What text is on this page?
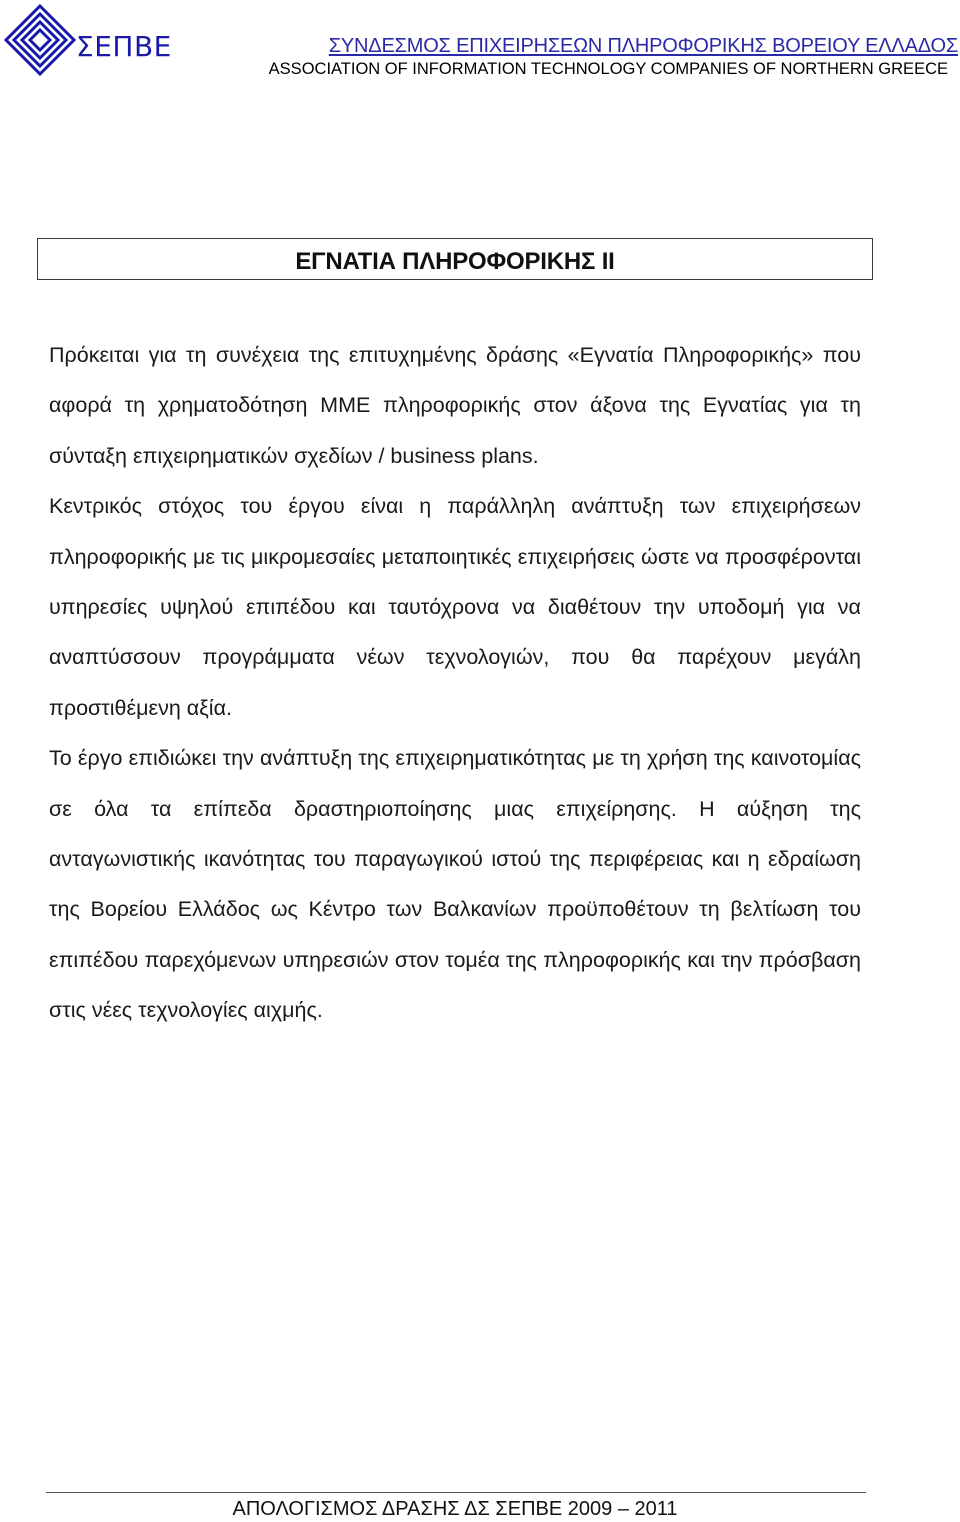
ΣΕΠΒΕ	ΣΥΝΔΕΣΜΟΣ ΕΠΙΧΕΙΡΗΣΕΩΝ ΠΛΗΡΟΦΟΡΙΚΗΣ ΒΟΡΕΙΟΥ ΕΛΛΑΔΟΣ
ASSOCIATION OF INFORMATION TECHNOLOGY COMPANIES OF NORTHERN GREECE
ΕΓΝΑΤΙΑ ΠΛΗΡΟΦΟΡΙΚΗΣ ΙΙ

Πρόκειται για τη συνέχεια της επιτυχημένης δράσης «Εγνατία Πληροφορικής» που αφορά τη χρηματοδότηση ΜΜΕ πληροφορικής στον άξονα της Εγνατίας για τη σύνταξη επιχειρηματικών σχεδίων / business plans.

Κεντρικός στόχος του έργου είναι η παράλληλη ανάπτυξη των επιχειρήσεων πληροφορικής με τις μικρομεσαίες μεταποιητικές επιχειρήσεις ώστε να προσφέρονται υπηρεσίες υψηλού επιπέδου και ταυτόχρονα να διαθέτουν την υποδομή για να αναπτύσσουν προγράμματα νέων τεχνολογιών, που θα παρέχουν μεγάλη προστιθέμενη αξία.

Το έργο επιδιώκει την ανάπτυξη της επιχειρηματικότητας με τη χρήση της καινοτομίας σε όλα τα επίπεδα δραστηριοποίησης μιας επιχείρησης. Η αύξηση της ανταγωνιστικής ικανότητας του παραγωγικού ιστού της περιφέρειας και η εδραίωση της Βορείου Ελλάδος ως Κέντρο των Βαλκανίων προϋποθέτουν τη βελτίωση του επιπέδου παρεχόμενων υπηρεσιών στον τομέα της πληροφορικής και την πρόσβαση στις νέες τεχνολογίες αιχμής.

ΑΠΟΛΟΓΙΣΜΟΣ ΔΡΑΣΗΣ ΔΣ ΣΕΠΒΕ 2009 – 2011
